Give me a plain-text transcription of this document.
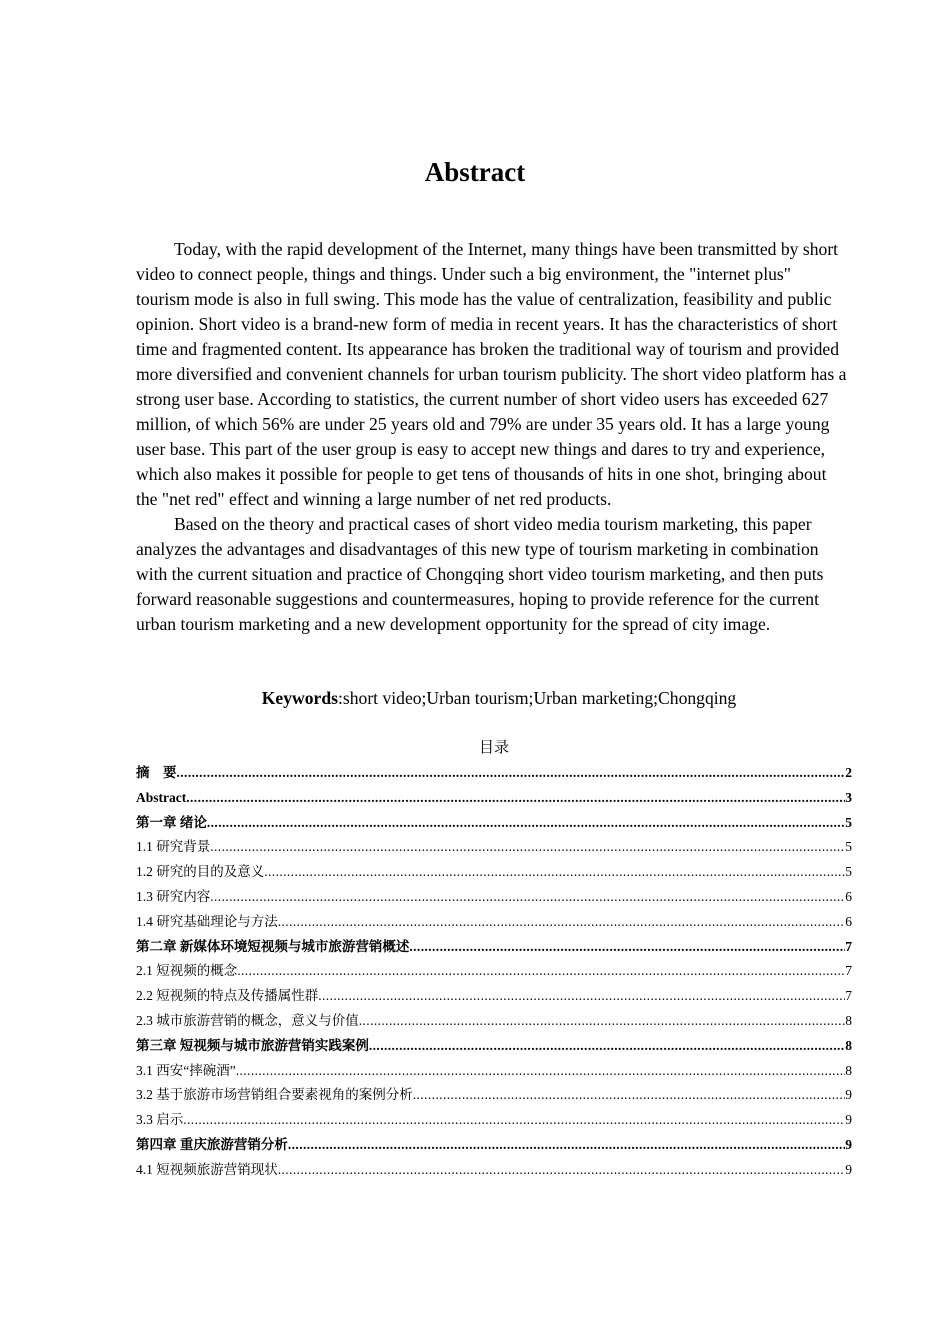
Abstract

Today, with the rapid development of the Internet, many things have been transmitted by short video to connect people, things and things. Under such a big environment, the "internet plus" tourism mode is also in full swing. This mode has the value of centralization, feasibility and public opinion. Short video is a brand-new form of media in recent years. It has the characteristics of short time and fragmented content. Its appearance has broken the traditional way of tourism and provided more diversified and convenient channels for urban tourism publicity. The short video platform has a strong user base. According to statistics, the current number of short video users has exceeded 627 million, of which 56% are under 25 years old and 79% are under 35 years old. It has a large young user base. This part of the user group is easy to accept new things and dares to try and experience, which also makes it possible for people to get tens of thousands of hits in one shot, bringing about the "net red" effect and winning a large number of net red products.

Based on the theory and practical cases of short video media tourism marketing, this paper analyzes the advantages and disadvantages of this new type of tourism marketing in combination with the current situation and practice of Chongqing short video tourism marketing, and then puts forward reasonable suggestions and countermeasures, hoping to provide reference for the current urban tourism marketing and a new development opportunity for the spread of city image.

Keywords:short video;Urban tourism;Urban marketing;Chongqing
目录
摘　要 .....	2
Abstract .....	3
第一章 绪论 .....	5
1.1 研究背景 .....	5
1.2 研究的目的及意义 .....	5
1.3 研究内容 .....	6
1.4 研究基础理论与方法 .....	6
第二章 新媒体环境短视频与城市旅游营销概述 .....	7
2.1 短视频的概念 .....	7
2.2 短视频的特点及传播属性群 .....	7
2.3 城市旅游营销的概念，意义与价值 .....	8
第三章 短视频与城市旅游营销实践案例 .....	8
3.1 西安“摔碗酒” .....	8
3.2 基于旅游市场营销组合要素视角的案例分析 .....	9
3.3 启示 .....	9
第四章 重庆旅游营销分析 .....	9
4.1 短视频旅游营销现状 .....	9
